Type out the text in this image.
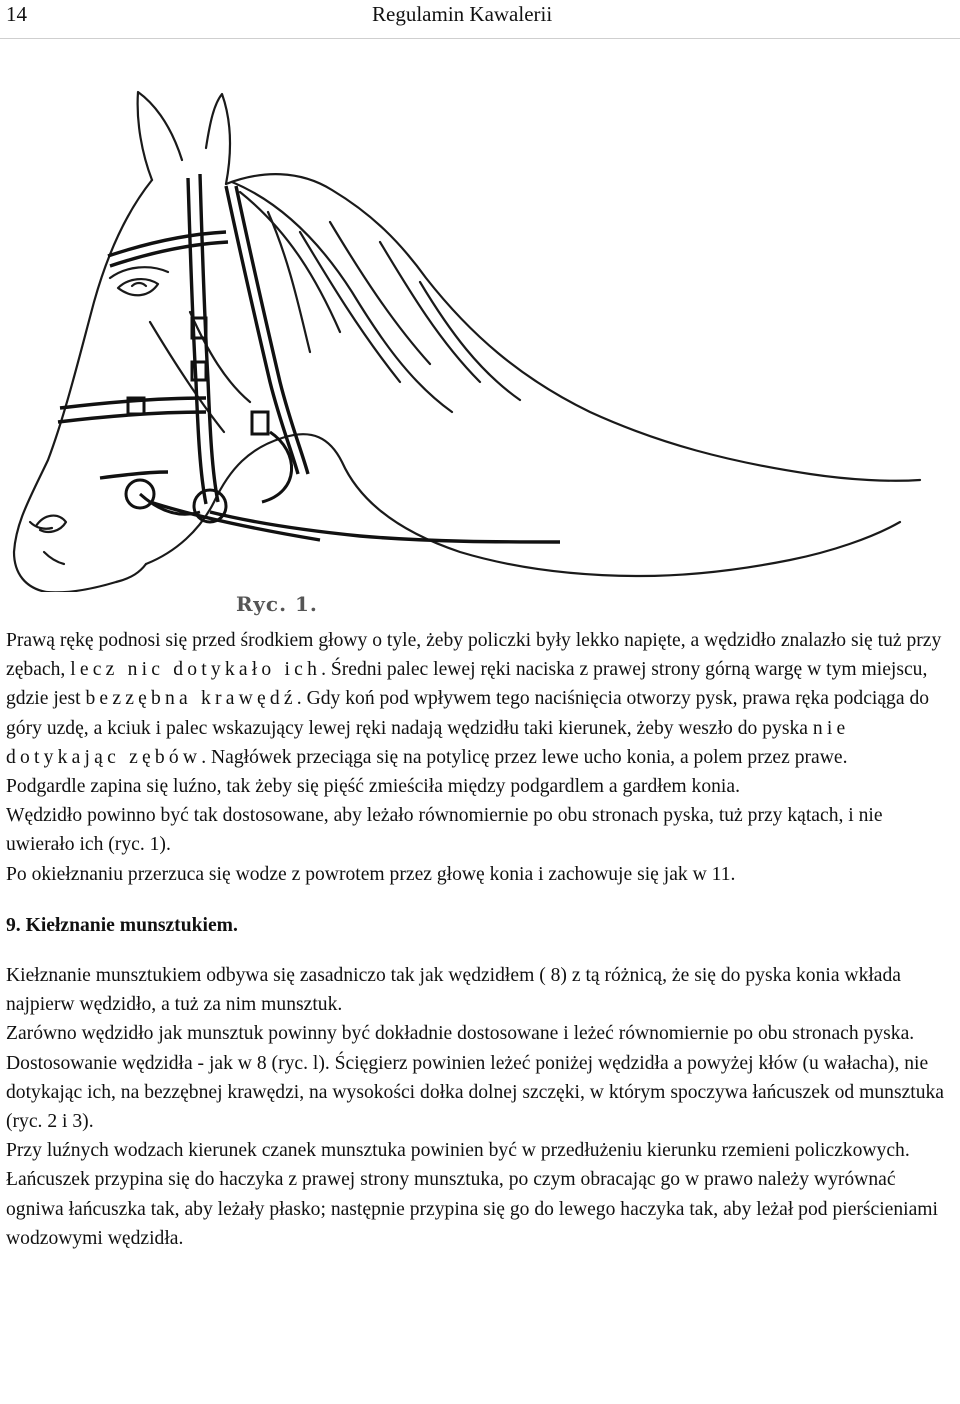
14	Regulamin Kawalerii
Ryc. 1.

Prawą rękę podnosi się przed środkiem głowy o tyle, żeby policzki były lekko napięte, a wędzidło znalazło się tuż przy zębach, lecz nic dotykało ich. Średni palec lewej ręki naciska z prawej strony górną wargę w tym miejscu, gdzie jest bezzębna krawędź. Gdy koń pod wpływem tego naciśnięcia otworzy pysk, prawa ręka podciąga do góry uzdę, a kciuk i palec wskazujący lewej ręki nadają wędzidłu taki kierunek, żeby weszło do pyska nie dotykając zębów. Nagłówek przeciąga się na potylicę przez lewe ucho konia, a polem przez prawe.

Podgardle zapina się luźno, tak żeby się pięść zmieściła między podgardlem a gardłem konia.

Wędzidło powinno być tak dostosowane, aby leżało równomiernie po obu stronach pyska, tuż przy kątach, i nie uwierało ich (ryc. 1).

Po okiełznaniu przerzuca się wodze z powrotem przez głowę konia i zachowuje się jak w 11.

9. Kiełznanie munsztukiem.

Kiełznanie munsztukiem odbywa się zasadniczo tak jak wędzidłem ( 8) z tą różnicą, że się do pyska konia wkłada najpierw wędzidło, a tuż za nim munsztuk.

Zarówno wędzidło jak munsztuk powinny być dokładnie dostosowane i leżeć równomiernie po obu stronach pyska.

Dostosowanie wędzidła - jak w 8 (ryc. l). Ścięgierz powinien leżeć poniżej wędzidła a powyżej kłów (u wałacha), nie dotykając ich, na bezzębnej krawędzi, na wysokości dołka dolnej szczęki, w którym spoczywa łańcuszek od munsztuka (ryc. 2 i 3).

Przy luźnych wodzach kierunek czanek munsztuka powinien być w przedłużeniu kierunku rzemieni policzkowych.

Łańcuszek przypina się do haczyka z prawej strony munsztuka, po czym obracając go w prawo należy wyrównać ogniwa łańcuszka tak, aby leżały płasko; następnie przypina się go do lewego haczyka tak, aby leżał pod pierścieniami wodzowymi wędzidła.
